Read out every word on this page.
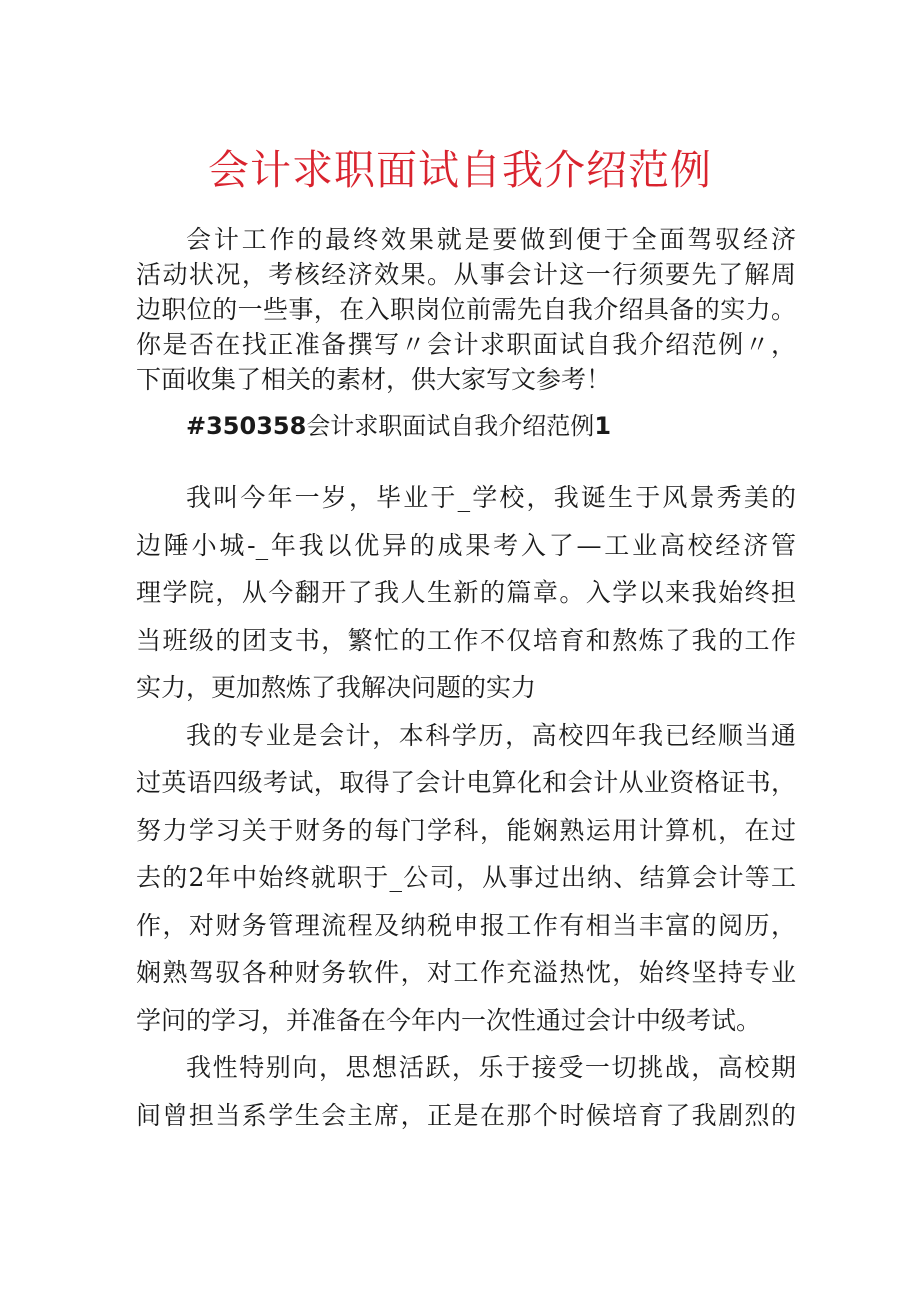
会计求职面试自我介绍范例
会计工作的最终效果就是要做到便于全面驾驭经济
活动状况，考核经济效果。从事会计这一行须要先了解周
边职位的一些事，在入职岗位前需先自我介绍具备的实力。
你是否在找正准备撰写〃会计求职面试自我介绍范例〃，
下面收集了相关的素材，供大家写文参考！
#350358会计求职面试自我介绍范例1
我叫今年一岁，毕业于_学校，我诞生于风景秀美的
边陲小城-_年我以优异的成果考入了—工业高校经济管
理学院，从今翻开了我人生新的篇章。入学以来我始终担
当班级的团支书，繁忙的工作不仅培育和熬炼了我的工作
实力，更加熬炼了我解决问题的实力
我的专业是会计，本科学历，高校四年我已经顺当通
过英语四级考试，取得了会计电算化和会计从业资格证书，
努力学习关于财务的每门学科，能娴熟运用计算机，在过
去的2年中始终就职于_公司，从事过出纳、结算会计等工
作，对财务管理流程及纳税申报工作有相当丰富的阅历，
娴熟驾驭各种财务软件，对工作充溢热忱，始终坚持专业
学问的学习，并准备在今年内一次性通过会计中级考试。
我性特别向，思想活跃，乐于接受一切挑战，高校期
间曾担当系学生会主席，正是在那个时候培育了我剧烈的
